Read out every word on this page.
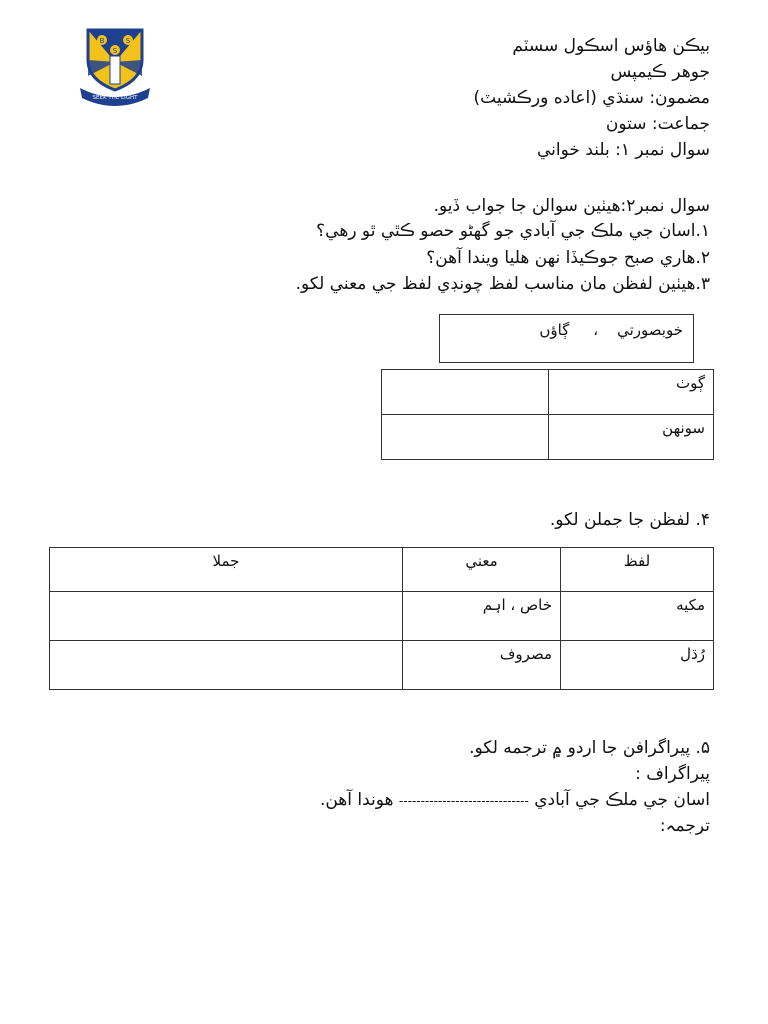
B	S
S
SEEK THE LIGHT
بيڪن هاؤس اسڪول سسٽم
جوهر ڪيمپس
مضمون: سنڌي (اعاده ورڪشيٽ)
جماعت: ستون
سوال نمبر ۱: بلند خواني
سوال نمبر۲:هيٺين سوالن جا جواب ڏيو.
۱.اسان جي ملڪ جي آبادي جو گھڻو حصو ڪٿي ٿو رهي؟
۲.هاري صبح جوڪيڏا نهن هليا ويندا آهن؟
۳.هيٺين لفظن مان مناسب لفظ چونڊي لفظ جي معني لکو.
خوبصورتي    ،     ڳاؤں
ڳوٺ	
سونهن	
۴. لفظن جا جملن لکو.
لفظ	معني	جملا
مکيه	خاص ، اہم	
رُڌل	مصروف	
۵. پيراگرافن جا اردو ۾ ترجمه لکو.
پيراگراف :
اسان جي ملڪ جي آبادي ------------------------------ هوندا آهن.
ترجمہ:
